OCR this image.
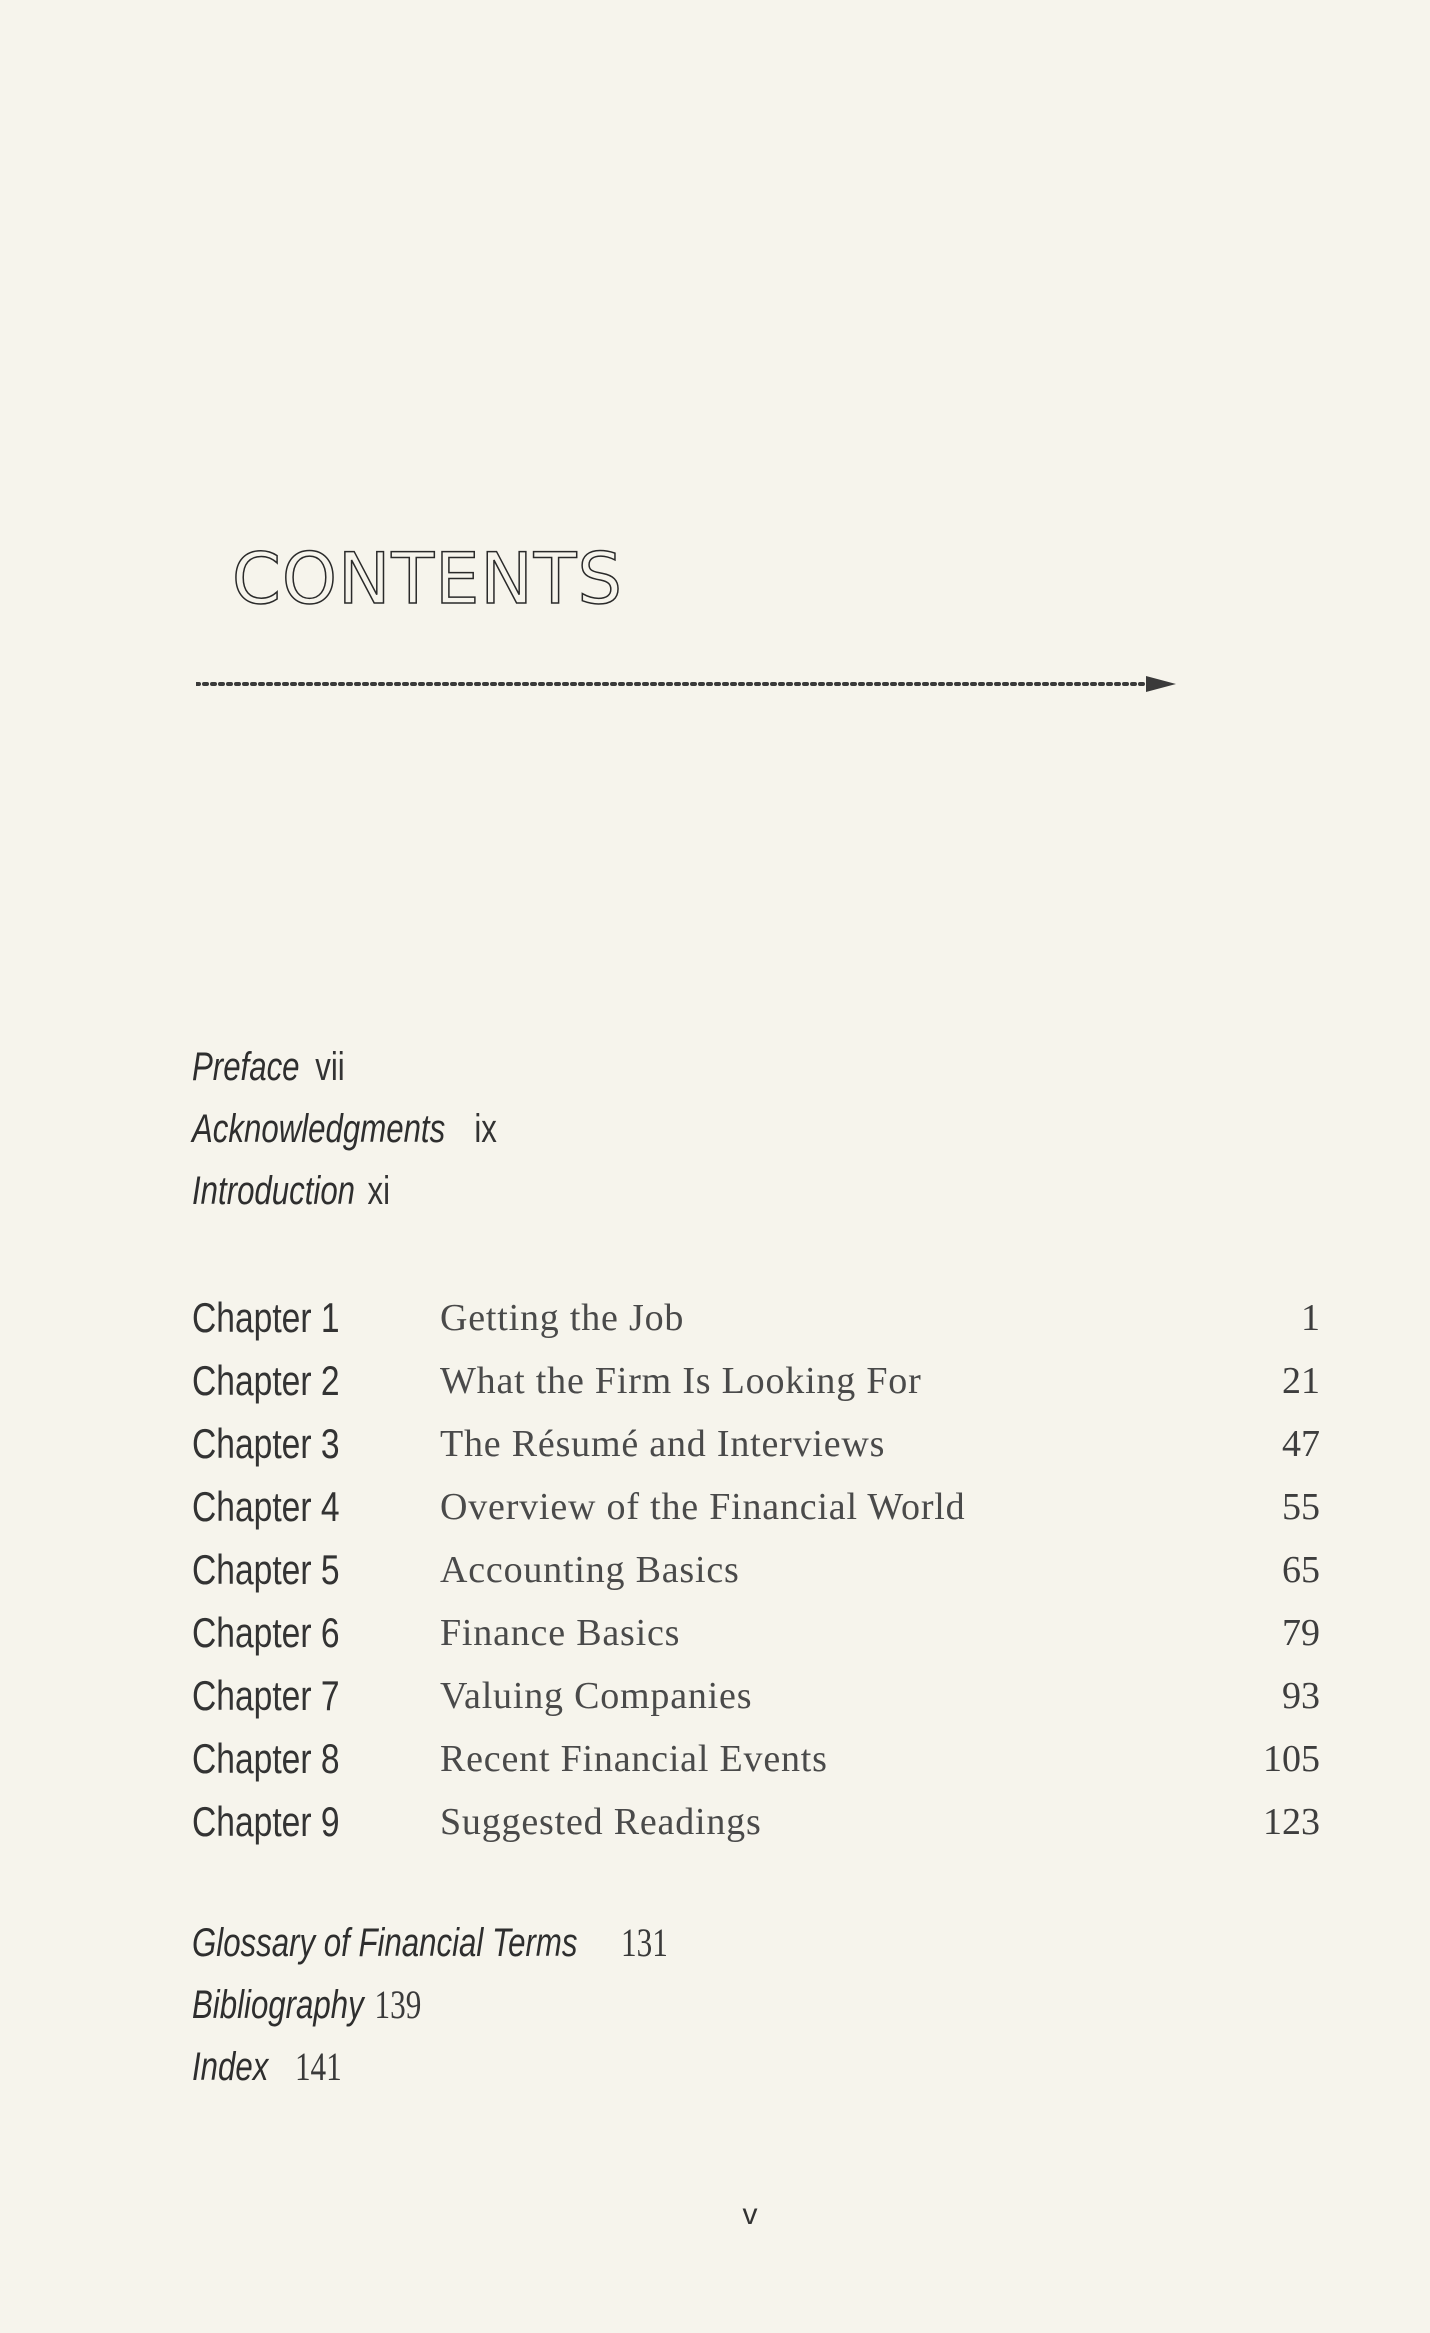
CONTENTS
Preface vii
Acknowledgments ix
Introduction xi
Chapter 1	Getting the Job	1
Chapter 2	What the Firm Is Looking For	21
Chapter 3	The Résumé and Interviews	47
Chapter 4	Overview of the Financial World	55
Chapter 5	Accounting Basics	65
Chapter 6	Finance Basics	79
Chapter 7	Valuing Companies	93
Chapter 8	Recent Financial Events	105
Chapter 9	Suggested Readings	123
Glossary of Financial Terms 131
Bibliography 139
Index 141
v
